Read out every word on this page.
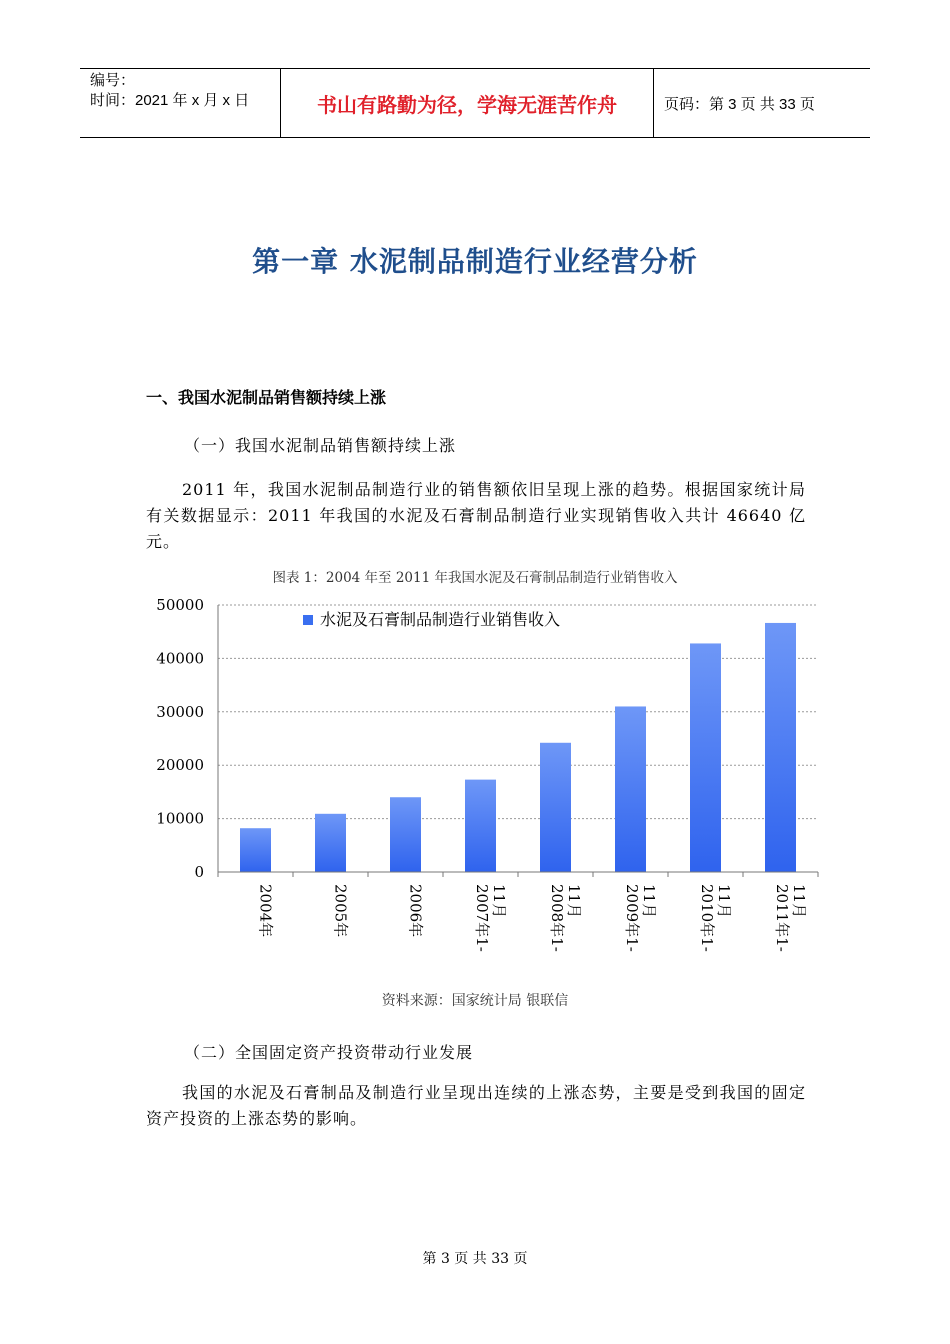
编号：
时间：2021 年 x 月 x 日	书山有路勤为径，学海无涯苦作舟	页码：第 3 页 共 33 页
第一章 水泥制品制造行业经营分析
一、我国水泥制品销售额持续上涨
（一）我国水泥制品销售额持续上涨
2011 年，我国水泥制品制造行业的销售额依旧呈现上涨的趋势。根据国家统计局有关数据显示：2011 年我国的水泥及石膏制品制造行业实现销售收入共计 46640 亿元。
图表 1：2004 年至 2011 年我国水泥及石膏制品制造行业销售收入
0
10000
20000
30000
40000
50000
2004年	2005年	2006年	2007年1- 11月	2008年1- 11月	2009年1- 11月	2010年1- 11月	2011年1- 11月
水泥及石膏制品制造行业销售收入
资料来源：国家统计局 银联信
（二）全国固定资产投资带动行业发展
我国的水泥及石膏制品及制造行业呈现出连续的上涨态势，主要是受到我国的固定资产投资的上涨态势的影响。
第 3 页 共 33 页
